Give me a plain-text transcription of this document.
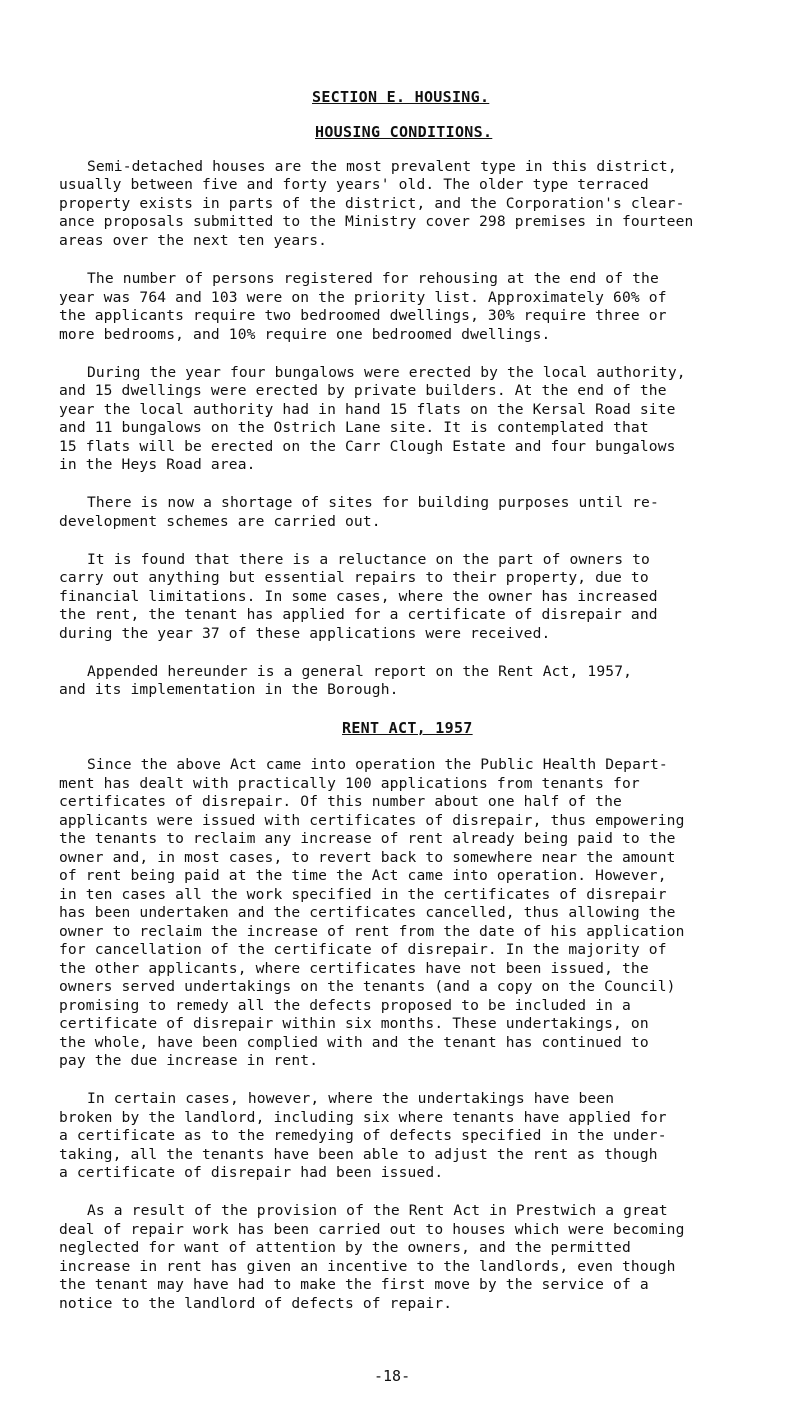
SECTION E. HOUSING.
HOUSING CONDITIONS.
Semi-detached houses are the most prevalent type in this district,
usually between five and forty years' old. The older type terraced
property exists in parts of the district, and the Corporation's clear-
ance proposals submitted to the Ministry cover 298 premises in fourteen
areas over the next ten years.
The number of persons registered for rehousing at the end of the
year was 764 and 103 were on the priority list. Approximately 60% of
the applicants require two bedroomed dwellings, 30% require three or
more bedrooms, and 10% require one bedroomed dwellings.
During the year four bungalows were erected by the local authority,
and 15 dwellings were erected by private builders. At the end of the
year the local authority had in hand 15 flats on the Kersal Road site
and 11 bungalows on the Ostrich Lane site. It is contemplated that
15 flats will be erected on the Carr Clough Estate and four bungalows
in the Heys Road area.
There is now a shortage of sites for building purposes until re-
development schemes are carried out.
It is found that there is a reluctance on the part of owners to
carry out anything but essential repairs to their property, due to
financial limitations. In some cases, where the owner has increased
the rent, the tenant has applied for a certificate of disrepair and
during the year 37 of these applications were received.
Appended hereunder is a general report on the Rent Act, 1957,
and its implementation in the Borough.
RENT ACT, 1957
Since the above Act came into operation the Public Health Depart-
ment has dealt with practically 100 applications from tenants for
certificates of disrepair. Of this number about one half of the
applicants were issued with certificates of disrepair, thus empowering
the tenants to reclaim any increase of rent already being paid to the
owner and, in most cases, to revert back to somewhere near the amount
of rent being paid at the time the Act came into operation. However,
in ten cases all the work specified in the certificates of disrepair
has been undertaken and the certificates cancelled, thus allowing the
owner to reclaim the increase of rent from the date of his application
for cancellation of the certificate of disrepair. In the majority of
the other applicants, where certificates have not been issued, the
owners served undertakings on the tenants (and a copy on the Council)
promising to remedy all the defects proposed to be included in a
certificate of disrepair within six months. These undertakings, on
the whole, have been complied with and the tenant has continued to
pay the due increase in rent.
In certain cases, however, where the undertakings have been
broken by the landlord, including six where tenants have applied for
a certificate as to the remedying of defects specified in the under-
taking, all the tenants have been able to adjust the rent as though
a certificate of disrepair had been issued.
As a result of the provision of the Rent Act in Prestwich a great
deal of repair work has been carried out to houses which were becoming
neglected for want of attention by the owners, and the permitted
increase in rent has given an incentive to the landlords, even though
the tenant may have had to make the first move by the service of a
notice to the landlord of defects of repair.
-18-
